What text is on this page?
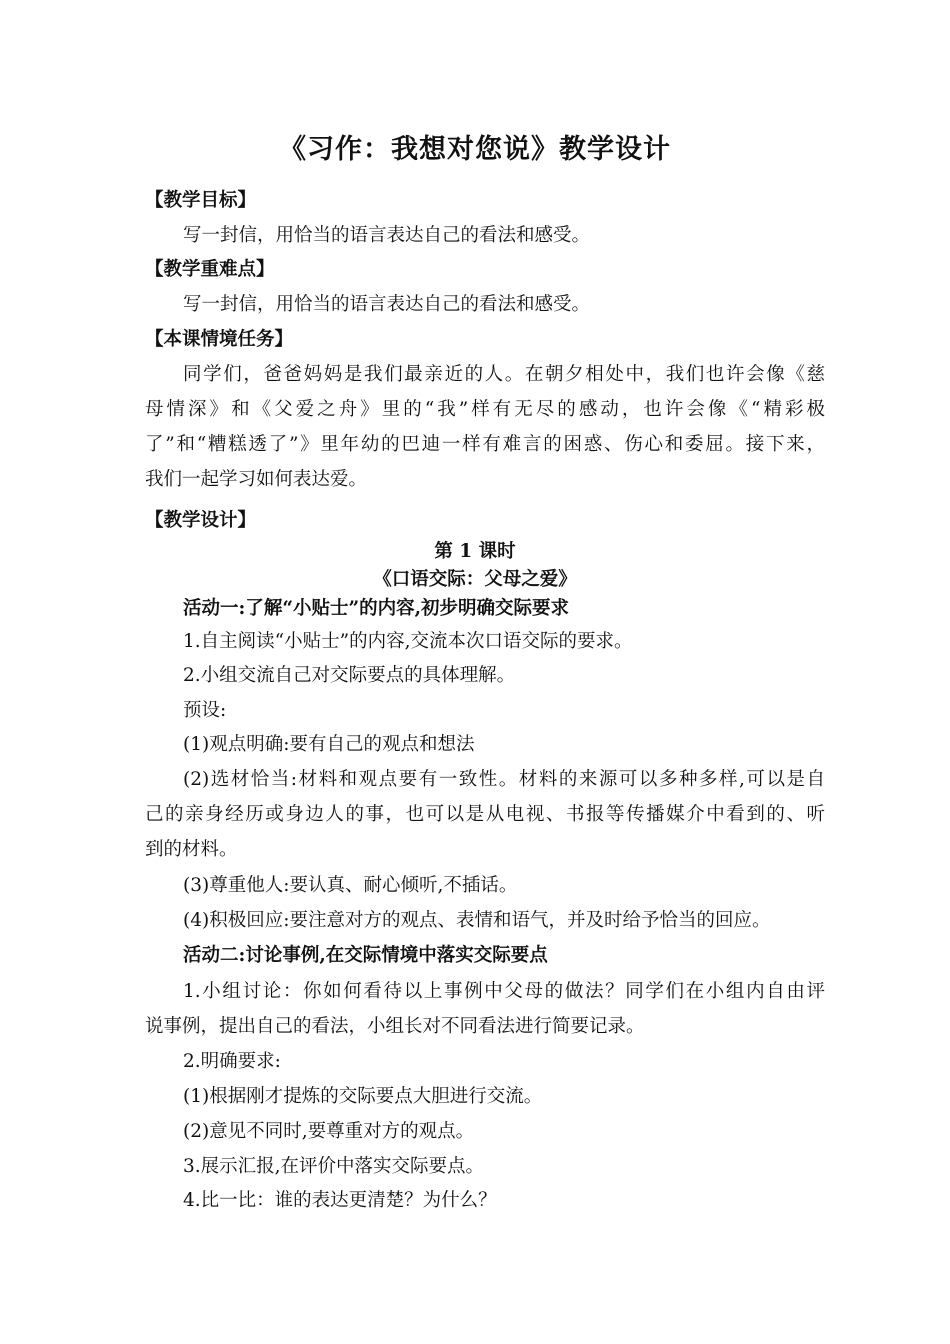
《习作：我想对您说》教学设计
【教学目标】
写一封信，用恰当的语言表达自己的看法和感受。
【教学重难点】
写一封信，用恰当的语言表达自己的看法和感受。
【本课情境任务】
同学们，爸爸妈妈是我们最亲近的人。在朝夕相处中，我们也许会像《慈
母情深》和《父爱之舟》里的“我”样有无尽的感动，也许会像《“精彩极
了”和“糟糕透了”》里年幼的巴迪一样有难言的困惑、伤心和委屈。接下来，
我们一起学习如何表达爱。
【教学设计】
第 1 课时
《口语交际：父母之爱》
活动一:了解“小贴士”的内容,初步明确交际要求
1.自主阅读“小贴士”的内容,交流本次口语交际的要求。
2.小组交流自己对交际要点的具体理解。
预设:
(1)观点明确:要有自己的观点和想法
(2)选材恰当:材料和观点要有一致性。材料的来源可以多种多样,可以是自
己的亲身经历或身边人的事，也可以是从电视、书报等传播媒介中看到的、听
到的材料。
(3)尊重他人:要认真、耐心倾听,不插话。
(4)积极回应:要注意对方的观点、表情和语气，并及时给予恰当的回应。
活动二:讨论事例,在交际情境中落实交际要点
1.小组讨论：你如何看待以上事例中父母的做法？同学们在小组内自由评
说事例，提出自己的看法，小组长对不同看法进行简要记录。
2.明确要求:
(1)根据刚才提炼的交际要点大胆进行交流。
(2)意见不同时,要尊重对方的观点。
3.展示汇报,在评价中落实交际要点。
4.比一比：谁的表达更清楚？为什么？
